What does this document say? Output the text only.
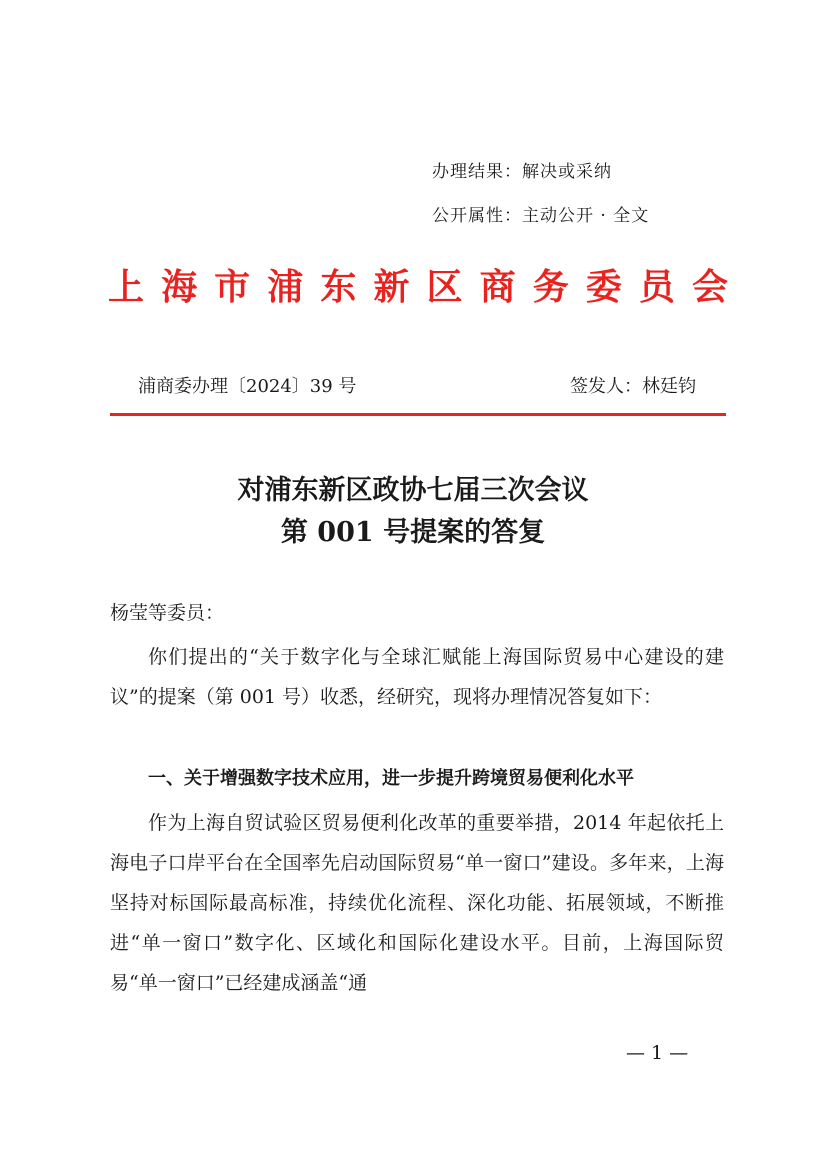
办理结果：解决或采纳
公开属性：主动公开 · 全文
上海市浦东新区商务委员会
浦商委办理〔2024〕39 号	签发人：林廷钧
对浦东新区政协七届三次会议
第 001 号提案的答复
杨莹等委员：

你们提出的“关于数字化与全球汇赋能上海国际贸易中心建设的建议”的提案（第 001 号）收悉，经研究，现将办理情况答复如下：

一、关于增强数字技术应用，进一步提升跨境贸易便利化水平

作为上海自贸试验区贸易便利化改革的重要举措，2014 年起依托上海电子口岸平台在全国率先启动国际贸易“单一窗口”建设。多年来，上海坚持对标国际最高标准，持续优化流程、深化功能、拓展领域，不断推进“单一窗口”数字化、区域化和国际化建设水平。目前，上海国际贸易“单一窗口”已经建成涵盖“通

— 1 —
